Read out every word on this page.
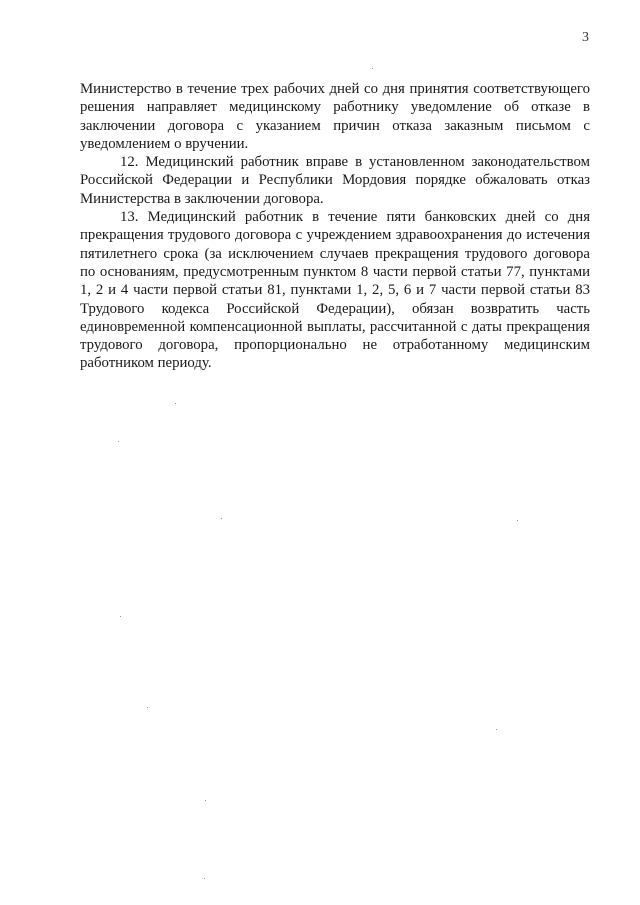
3

Министерство в течение трех рабочих дней со дня принятия соответствующего решения направляет медицинскому работнику уведомление об отказе в заключении договора с указанием причин отказа заказным письмом с уведомлением о вручении.

12. Медицинский работник вправе в установленном законодательством Российской Федерации и Республики Мордовия порядке обжаловать отказ Министерства в заключении договора.

13. Медицинский работник в течение пяти банковских дней со дня прекращения трудового договора с учреждением здравоохранения до истечения пятилетнего срока (за исключением случаев прекращения трудового договора по основаниям, предусмотренным пунктом 8 части первой статьи 77, пунктами 1, 2 и 4 части первой статьи 81, пунктами 1, 2, 5, 6 и 7 части первой статьи 83 Трудового кодекса Российской Федерации), обязан возвратить часть единовременной компенсационной выплаты, рассчитанной с даты прекращения трудового договора, пропорционально не отработанному медицинским работником периоду.
